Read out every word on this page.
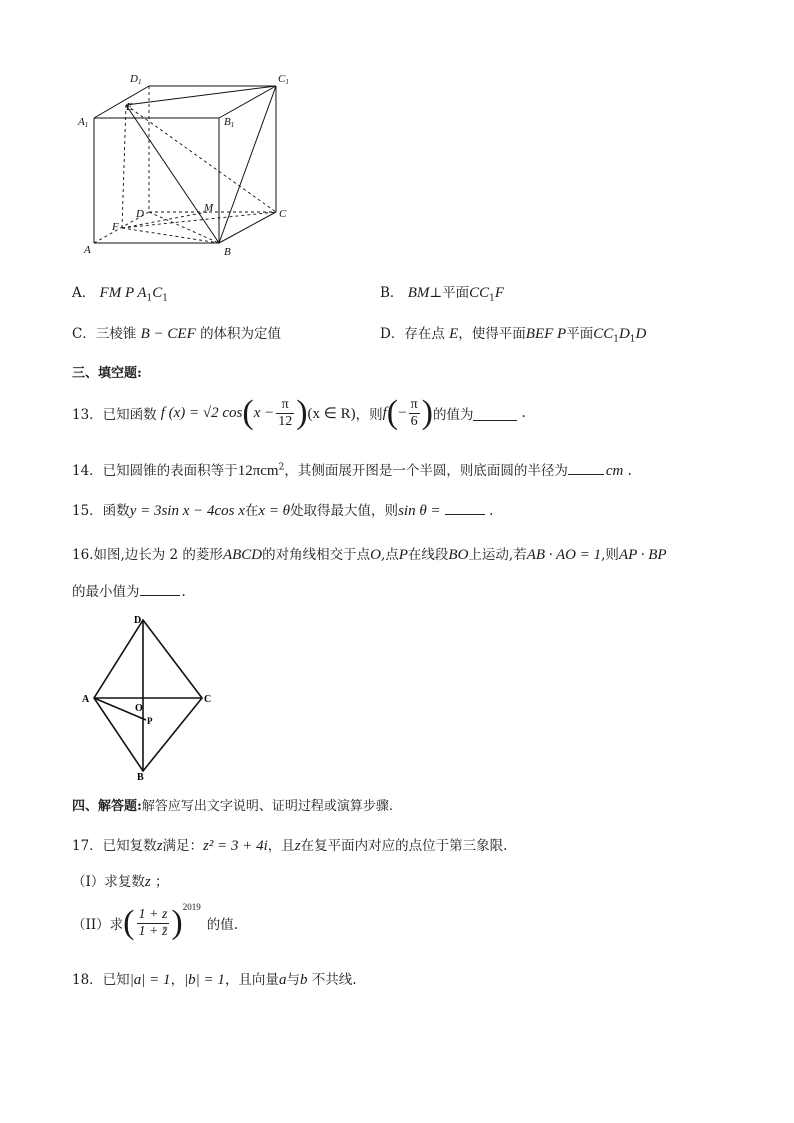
D1	C1
E
A1	B1
M
D	C
F
A	B
A． FM P $A_1C_1$	B． BM⊥平面$CC_1F$
C．三棱锥 B − CEF 的体积为定值	D．存在点 E，使得平面BEF P平面$CC_1D_1D$
三、填空题:
13．已知函数 f (x) = √2 cos ( $x - \frac{\pi}{12}$ ) (x ∈ R) ，则 f ( − $\frac{\pi}{6}$ ) 的值为	.
14．已知圆锥的表面积等于12πcm$^2$，其侧面展开图是一个半圆，则底面圆的半径为	cm .
15．函数y = 3sin x − 4cos x在x = θ处取得最大值，则sin θ =	.
16.如图,边长为 2 的菱形ABCD的对角线相交于点O,点P在线段BO上运动,若AB · AO = 1,则AP · BP
的最小值为	.
D
A
O
C
P
B
四、解答题:解答应写出文字说明、证明过程或演算步骤.
17．已知复数z满足：z² = 3 + 4i，且z在复平面内对应的点位于第三象限.
（I）求复数z ；
（II）求 ( $\frac{1 + z}{1 + z̄} )^{2019}$
的值.
18．已知|a| = 1，|b| = 1，且向量a与b 不共线.
